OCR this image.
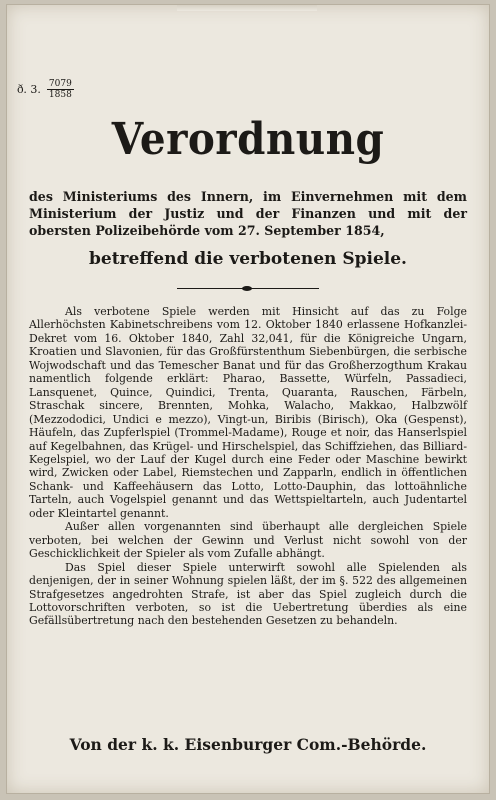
ð. 3. $\frac{7079}{1858}$
Verordnung
des Ministeriums des Innern, im Einvernehmen mit dem Ministerium der Justiz und der Finanzen und mit der obersten Polizeibehörde vom 27. September 1854,
betreffend die verbotenen Spiele.

Als verbotene Spiele werden mit Hinsicht auf das zu Folge Allerhöchsten Kabinetschreibens vom 12. Oktober 1840 erlassene Hofkanzlei-Dekret vom 16. Oktober 1840, Zahl 32,041, für die Königreiche Ungarn, Kroatien und Slavonien, für das Großfürstenthum Siebenbürgen, die serbische Wojwodschaft und das Temescher Banat und für das Großherzogthum Krakau namentlich folgende erklärt: Pharao, Bassette, Würfeln, Passadieci, Lansquenet, Quince, Quindici, Trenta, Quaranta, Rauschen, Färbeln, Straschak sincere, Brennten, Mohka, Walacho, Makkao, Halbzwölf (Mezzododici, Undici e mezzo), Vingt-un, Biribis (Birisch), Oka (Gespenst), Häufeln, das Zupferlspiel (Trommel-Madame), Rouge et noir, das Hanserlspiel auf Kegelbahnen, das Krügel- und Hirschelspiel, das Schiffziehen, das Billiard-Kegelspiel, wo der Lauf der Kugel durch eine Feder oder Maschine bewirkt wird, Zwicken oder Label, Riemstechen und Zapparln, endlich in öffentlichen Schank- und Kaffeehäusern das Lotto, Lotto-Dauphin, das lottoähnliche Tarteln, auch Vogelspiel genannt und das Wettspieltarteln, auch Judentartel oder Kleintartel genannt.

Außer allen vorgenannten sind überhaupt alle dergleichen Spiele verboten, bei welchen der Gewinn und Verlust nicht sowohl von der Geschicklichkeit der Spieler als vom Zufalle abhängt.

Das Spiel dieser Spiele unterwirft sowohl alle Spielenden als denjenigen, der in seiner Wohnung spielen läßt, der im §. 522 des allgemeinen Strafgesetzes angedrohten Strafe, ist aber das Spiel zugleich durch die Lottovorschriften verboten, so ist die Uebertretung überdies als eine Gefällsübertretung nach den bestehenden Gesetzen zu behandeln.

Von der k. k. Eisenburger Com.-Behörde.
